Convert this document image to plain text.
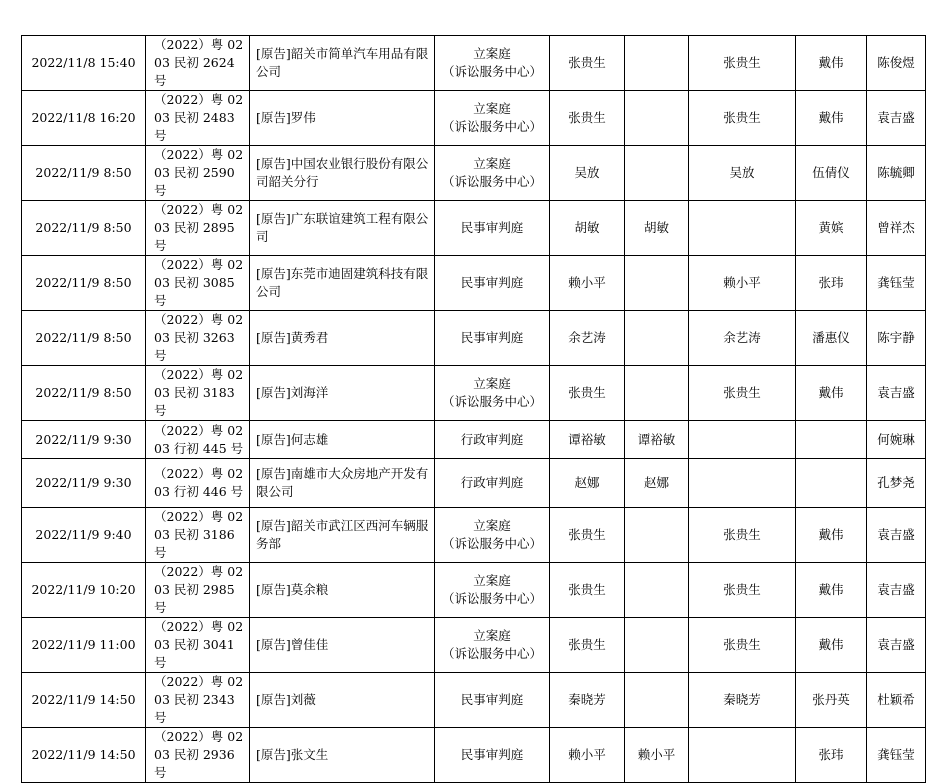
2022/11/8 15:40	（2022）粤 0203 民初 2624 号	[原告]韶关市简单汽车用品有限公司	立案庭
（诉讼服务中心）	张贵生		张贵生	戴伟	陈俊煜
2022/11/8 16:20	（2022）粤 0203 民初 2483 号	[原告]罗伟	立案庭
（诉讼服务中心）	张贵生		张贵生	戴伟	袁吉盛
2022/11/9 8:50	（2022）粤 0203 民初 2590 号	[原告]中国农业银行股份有限公司韶关分行	立案庭
（诉讼服务中心）	吴放		吴放	伍倩仪	陈毓卿
2022/11/9 8:50	（2022）粤 0203 民初 2895 号	[原告]广东联谊建筑工程有限公司	民事审判庭	胡敏	胡敏		黄嫔	曾祥杰
2022/11/9 8:50	（2022）粤 0203 民初 3085 号	[原告]东莞市迪固建筑科技有限公司	民事审判庭	赖小平		赖小平	张玮	龚钰莹
2022/11/9 8:50	（2022）粤 0203 民初 3263 号	[原告]黄秀君	民事审判庭	余艺涛		余艺涛	潘惠仪	陈宇静
2022/11/9 8:50	（2022）粤 0203 民初 3183 号	[原告]刘海洋	立案庭
（诉讼服务中心）	张贵生		张贵生	戴伟	袁吉盛
2022/11/9 9:30	（2022）粤 0203 行初 445 号	[原告]何志雄	行政审判庭	谭裕敏	谭裕敏			何婉琳
2022/11/9 9:30	（2022）粤 0203 行初 446 号	[原告]南雄市大众房地产开发有限公司	行政审判庭	赵娜	赵娜			孔梦尧
2022/11/9 9:40	（2022）粤 0203 民初 3186 号	[原告]韶关市武江区西河车辆服务部	立案庭
（诉讼服务中心）	张贵生		张贵生	戴伟	袁吉盛
2022/11/9 10:20	（2022）粤 0203 民初 2985 号	[原告]莫余粮	立案庭
（诉讼服务中心）	张贵生		张贵生	戴伟	袁吉盛
2022/11/9 11:00	（2022）粤 0203 民初 3041 号	[原告]曾佳佳	立案庭
（诉讼服务中心）	张贵生		张贵生	戴伟	袁吉盛
2022/11/9 14:50	（2022）粤 0203 民初 2343 号	[原告]刘薇	民事审判庭	秦晓芳		秦晓芳	张丹英	杜颖希
2022/11/9 14:50	（2022）粤 0203 民初 2936 号	[原告]张文生	民事审判庭	赖小平	赖小平		张玮	龚钰莹
